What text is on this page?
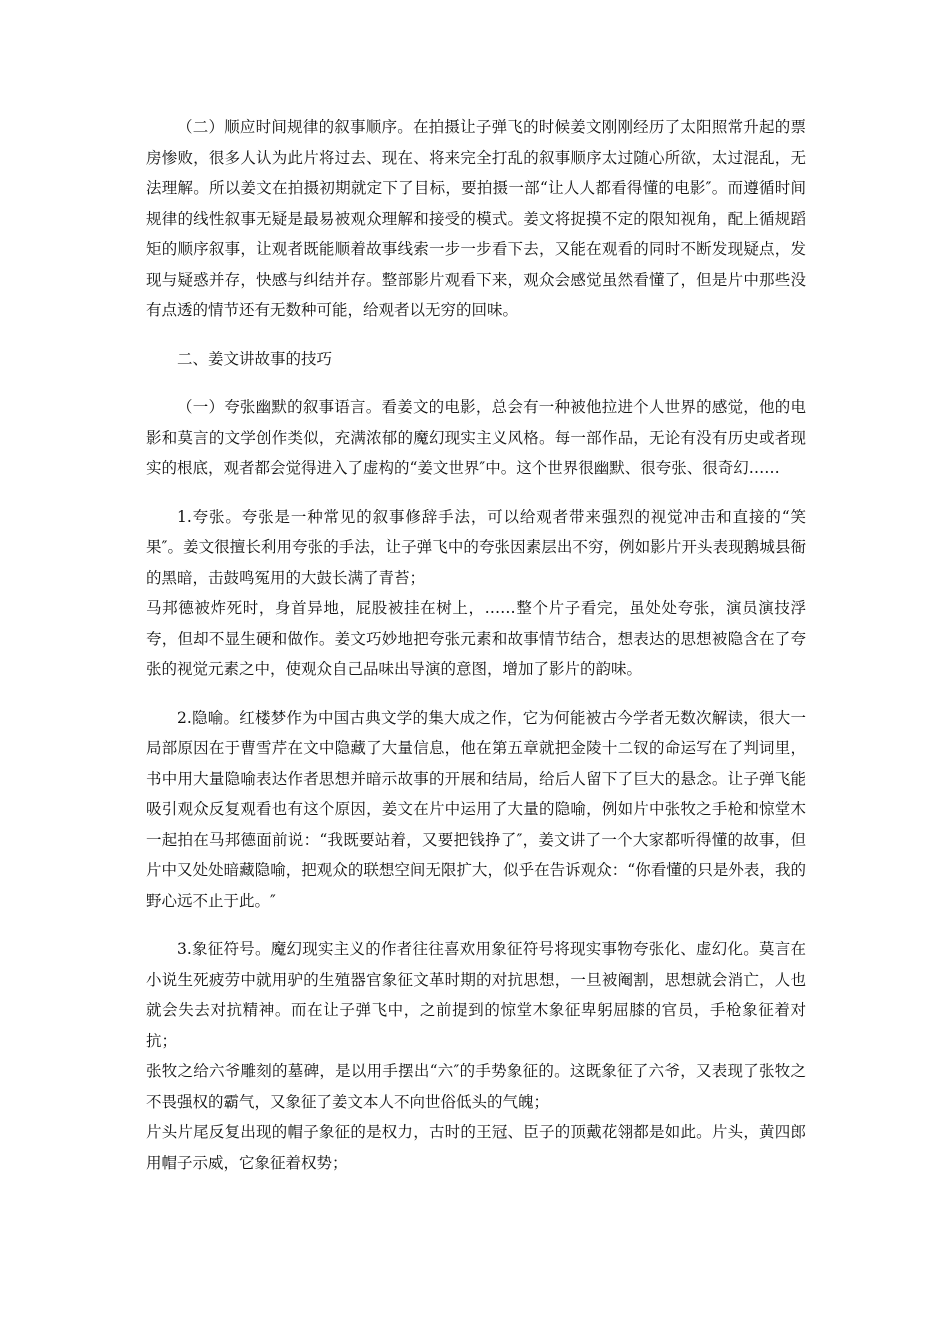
（二）顺应时间规律的叙事顺序。在拍摄让子弹飞的时候姜文刚刚经历了太阳照常升起的票房惨败，很多人认为此片将过去、现在、将来完全打乱的叙事顺序太过随心所欲，太过混乱，无法理解。所以姜文在拍摄初期就定下了目标，要拍摄一部“让人人都看得懂的电影″。而遵循时间规律的线性叙事无疑是最易被观众理解和接受的模式。姜文将捉摸不定的限知视角，配上循规蹈矩的顺序叙事，让观者既能顺着故事线索一步一步看下去，又能在观看的同时不断发现疑点，发现与疑惑并存，快感与纠结并存。整部影片观看下来，观众会感觉虽然看懂了，但是片中那些没有点透的情节还有无数种可能，给观者以无穷的回味。

二、姜文讲故事的技巧

（一）夸张幽默的叙事语言。看姜文的电影，总会有一种被他拉进个人世界的感觉，他的电影和莫言的文学创作类似，充满浓郁的魔幻现实主义风格。每一部作品，无论有没有历史或者现实的根底，观者都会觉得进入了虚构的“姜文世界″中。这个世界很幽默、很夸张、很奇幻……

1.夸张。夸张是一种常见的叙事修辞手法，可以给观者带来强烈的视觉冲击和直接的“笑果″。姜文很擅长利用夸张的手法，让子弹飞中的夸张因素层出不穷，例如影片开头表现鹅城县衙的黑暗，击鼓鸣冤用的大鼓长满了青苔；

马邦德被炸死时，身首异地，屁股被挂在树上，……整个片子看完，虽处处夸张，演员演技浮夸，但却不显生硬和做作。姜文巧妙地把夸张元素和故事情节结合，想表达的思想被隐含在了夸张的视觉元素之中，使观众自己品味出导演的意图，增加了影片的韵味。

2.隐喻。红楼梦作为中国古典文学的集大成之作，它为何能被古今学者无数次解读，很大一局部原因在于曹雪芹在文中隐藏了大量信息，他在第五章就把金陵十二钗的命运写在了判词里，书中用大量隐喻表达作者思想并暗示故事的开展和结局，给后人留下了巨大的悬念。让子弹飞能吸引观众反复观看也有这个原因，姜文在片中运用了大量的隐喻，例如片中张牧之手枪和惊堂木一起拍在马邦德面前说：“我既要站着，又要把钱挣了″，姜文讲了一个大家都听得懂的故事，但片中又处处暗藏隐喻，把观众的联想空间无限扩大，似乎在告诉观众：“你看懂的只是外表，我的野心远不止于此。″

3.象征符号。魔幻现实主义的作者往往喜欢用象征符号将现实事物夸张化、虚幻化。莫言在小说生死疲劳中就用驴的生殖器官象征文革时期的对抗思想，一旦被阉割，思想就会消亡，人也就会失去对抗精神。而在让子弹飞中，之前提到的惊堂木象征卑躬屈膝的官员，手枪象征着对抗；

张牧之给六爷雕刻的墓碑，是以用手摆出“六″的手势象征的。这既象征了六爷，又表现了张牧之不畏强权的霸气，又象征了姜文本人不向世俗低头的气魄；

片头片尾反复出现的帽子象征的是权力，古时的王冠、臣子的顶戴花翎都是如此。片头，黄四郎用帽子示威，它象征着权势；
